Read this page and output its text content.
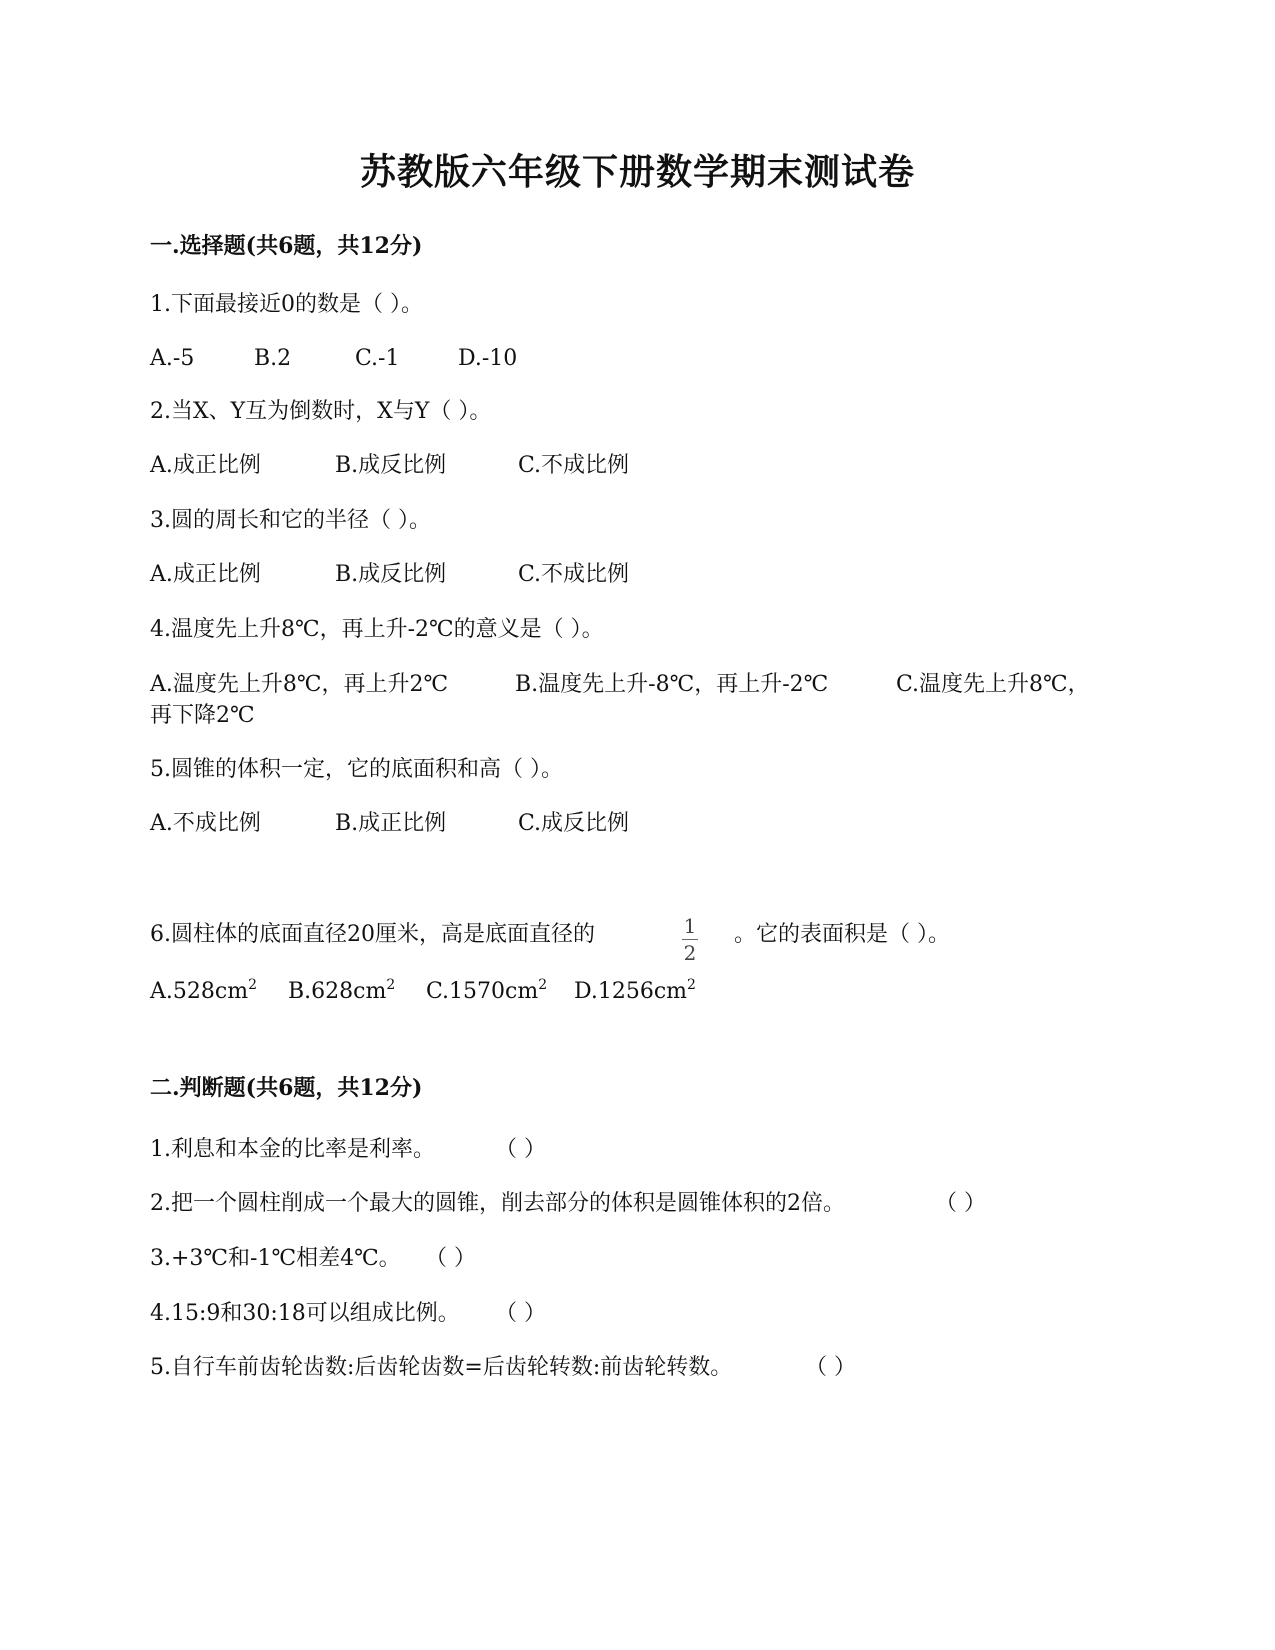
苏教版六年级下册数学期末测试卷
一.选择题(共6题，共12分)
1.下面最接近0的数是（ ）。
A.-5	B.2	C.-1	D.-10
2.当X、Y互为倒数时，X与Y（ ）。
A.成正比例	B.成反比例	C.不成比例
3.圆的周长和它的半径（ ）。
A.成正比例	B.成反比例	C.不成比例
4.温度先上升8℃，再上升-2℃的意义是（ ）。
A.温度先上升8℃，再上升2℃	B.温度先上升-8℃，再上升-2℃	C.温度先上升8℃，
再下降2℃
5.圆锥的体积一定，它的底面积和高（ ）。
A.不成比例	B.成正比例	C.成反比例
6.圆柱体的底面直径20厘米，高是底面直径的	1
2
。它的表面积是（ ）。
$A.528cm^2$ $B.628cm^2$ $C.1570cm^2$ $D.1256cm^2$
二.判断题(共6题，共12分)
1.利息和本金的比率是利率。	（ ）
2.把一个圆柱削成一个最大的圆锥，削去部分的体积是圆锥体积的2倍。	（ ）
3.+3℃和-1℃相差4℃。 （ ）
4.15:9和30:18可以组成比例。 （ ）
5.自行车前齿轮齿数:后齿轮齿数=后齿轮转数:前齿轮转数。	（ ）
